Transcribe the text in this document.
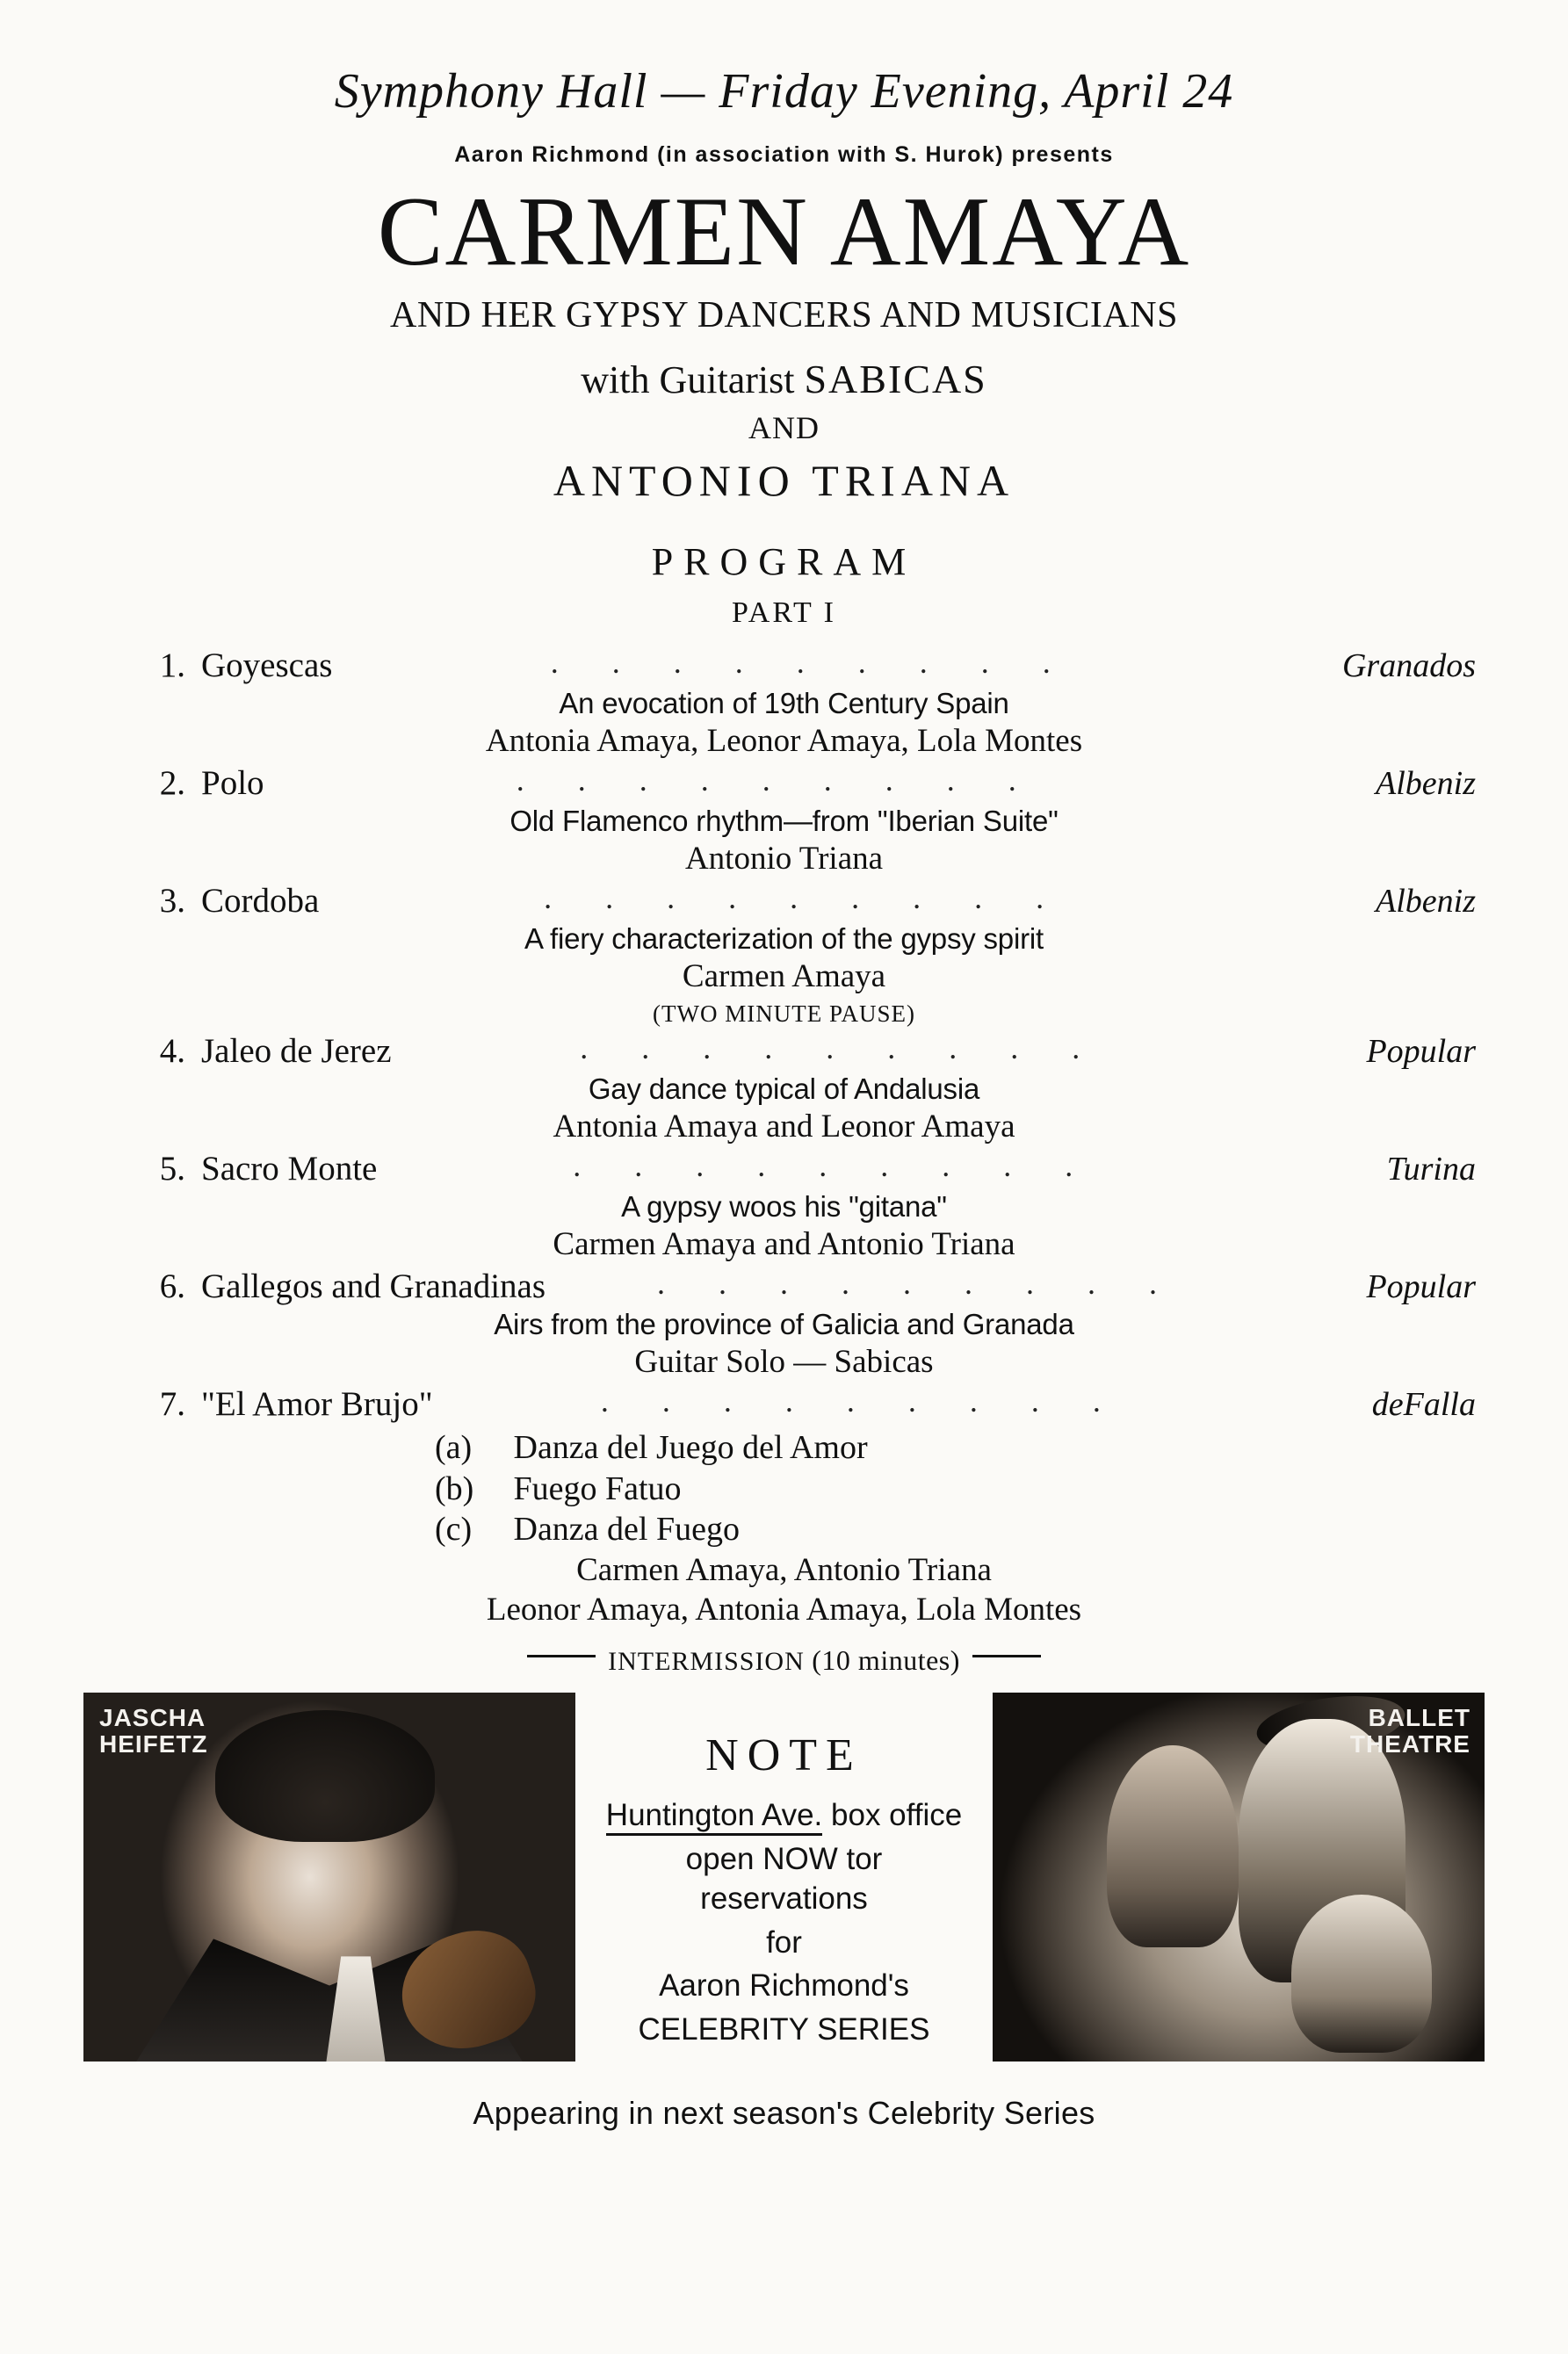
Symphony Hall — Friday Evening, April 24
Aaron Richmond (in association with S. Hurok) presents
CARMEN AMAYA
AND HER GYPSY DANCERS AND MUSICIANS
with Guitarist SABICAS
AND
ANTONIO TRIANA
PROGRAM
PART I
1. Goyescas	. . . . . . . . .	Granados
An evocation of 19th Century Spain
Antonia Amaya, Leonor Amaya, Lola Montes
2. Polo	. . . . . . . . .	Albeniz
Old Flamenco rhythm—from "Iberian Suite"
Antonio Triana
3. Cordoba	. . . . . . . . .	Albeniz
A fiery characterization of the gypsy spirit
Carmen Amaya
(TWO MINUTE PAUSE)
4. Jaleo de Jerez	. . . . . . . . .	Popular
Gay dance typical of Andalusia
Antonia Amaya and Leonor Amaya
5. Sacro Monte	. . . . . . . . .	Turina
A gypsy woos his "gitana"
Carmen Amaya and Antonio Triana
6. Gallegos and Granadinas	. . . . . . . . .	Popular
Airs from the province of Galicia and Granada
Guitar Solo — Sabicas
7. "El Amor Brujo"	. . . . . . . . .	deFalla
(a) Danza del Juego del Amor
(b) Fuego Fatuo
(c) Danza del Fuego
Carmen Amaya, Antonio Triana
Leonor Amaya, Antonia Amaya, Lola Montes
INTERMISSION (10 minutes)
JASCHA
HEIFETZ	NOTE
Huntington Ave. box office
open NOW tor reservations
for
Aaron Richmond's
CELEBRITY SERIES
BALLET
THEATRE
Appearing in next season's Celebrity Series
